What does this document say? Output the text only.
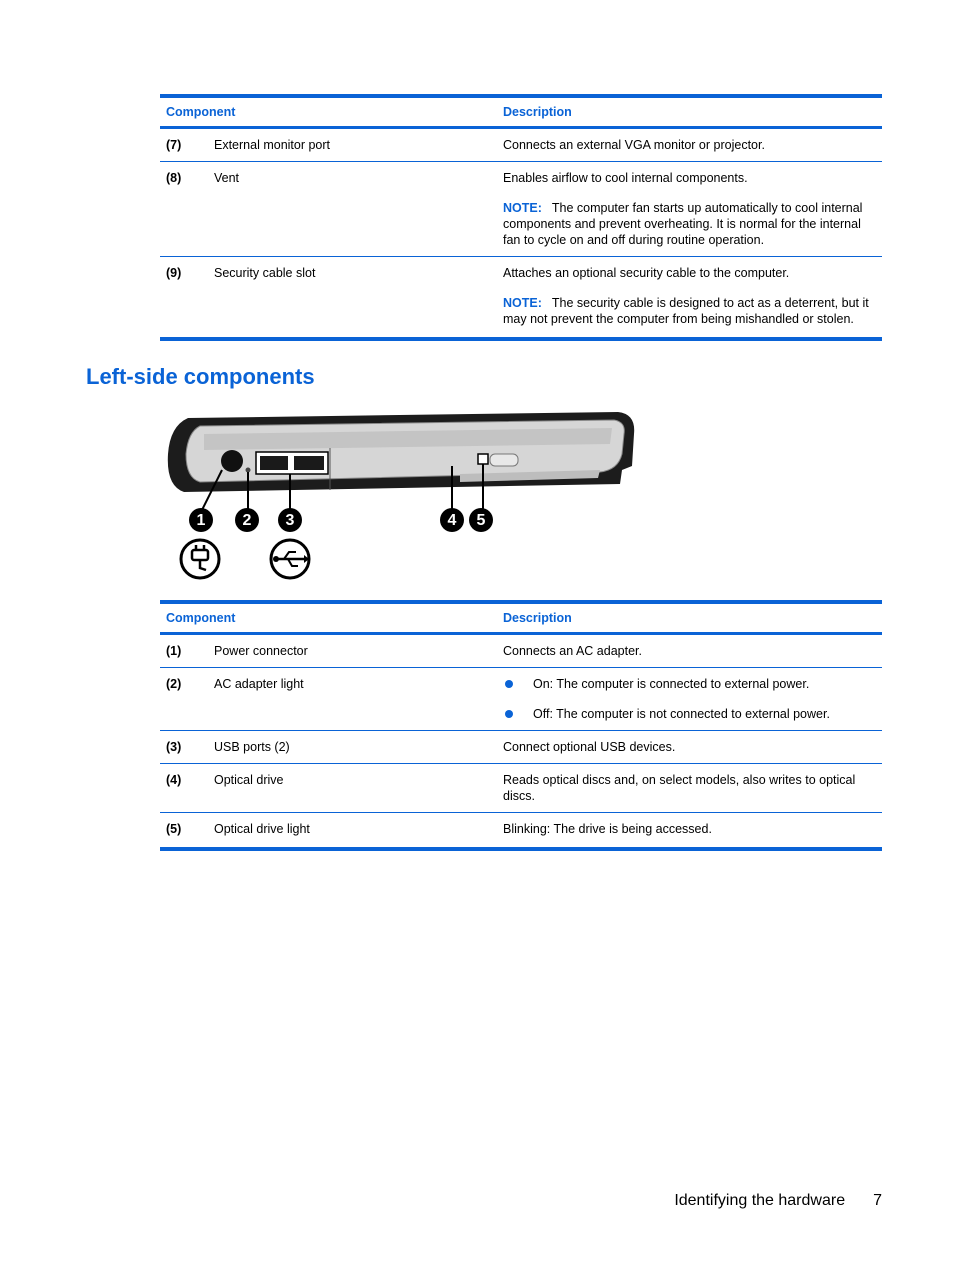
Component		Description
(7)	External monitor port	Connects an external VGA monitor or projector.
(8)	Vent	Enables airflow to cool internal components.
NOTE: The computer fan starts up automatically to cool internal components and prevent overheating. It is normal for the internal fan to cycle on and off during routine operation.

(9)	Security cable slot	Attaches an optional security cable to the computer.
NOTE: The security cable is designed to act as a deterrent, but it may not prevent the computer from being mishandled or stolen.
Left-side components
1 2 3	4 5
Component		Description
(1)	Power connector	Connects an AC adapter.
(2)	AC adapter light	On: The computer is connected to external power.
Off: The computer is not connected to external power.

(3)	USB ports (2)	Connect optional USB devices.
(4)	Optical drive	Reads optical discs and, on select models, also writes to optical discs.
(5)	Optical drive light	Blinking: The drive is being accessed.
Identifying the hardware 7
